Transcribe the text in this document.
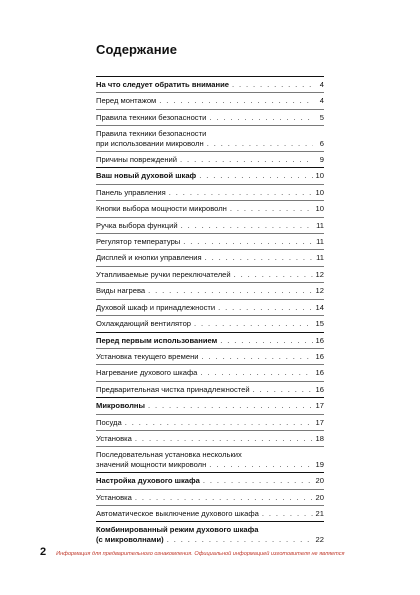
Содержание
На что следует обратить внимание . . .	4
Перед монтажом . . .	4
Правила техники безопасности . . .	5
Правила техники безопасности
при использовании микроволн . . .	6
Причины повреждений . . .	9
Ваш новый духовой шкаф . . .	10
Панель управления . . .	10
Кнопки выбора мощности микроволн . . .	10
Ручка выбора функций . . .	11
Регулятор температуры . . .	11
Дисплей и кнопки управления . . .	11
Утапливаемые ручки переключателей . . .	12
Виды нагрева . . .	12
Духовой шкаф и принадлежности . . .	14
Охлаждающий вентилятор . . .	15
Перед первым использованием . . .	16
Установка текущего времени . . .	16
Нагревание духового шкафа . . .	16
Предварительная чистка принадлежностей . . .	16
Микроволны . . .	17
Посуда . . .	17
Установка . . .	18
Последовательная установка нескольких
значений мощности микроволн . . .	19
Настройка духового шкафа . . .	20
Установка . . .	20
Автоматическое выключение духового шкафа . . .	21
Комбинированный режим духового шкафа
(с микроволнами) . . .	22
2 Информация для предварительного ознакомления. Официальной информацией изготовителя не является
